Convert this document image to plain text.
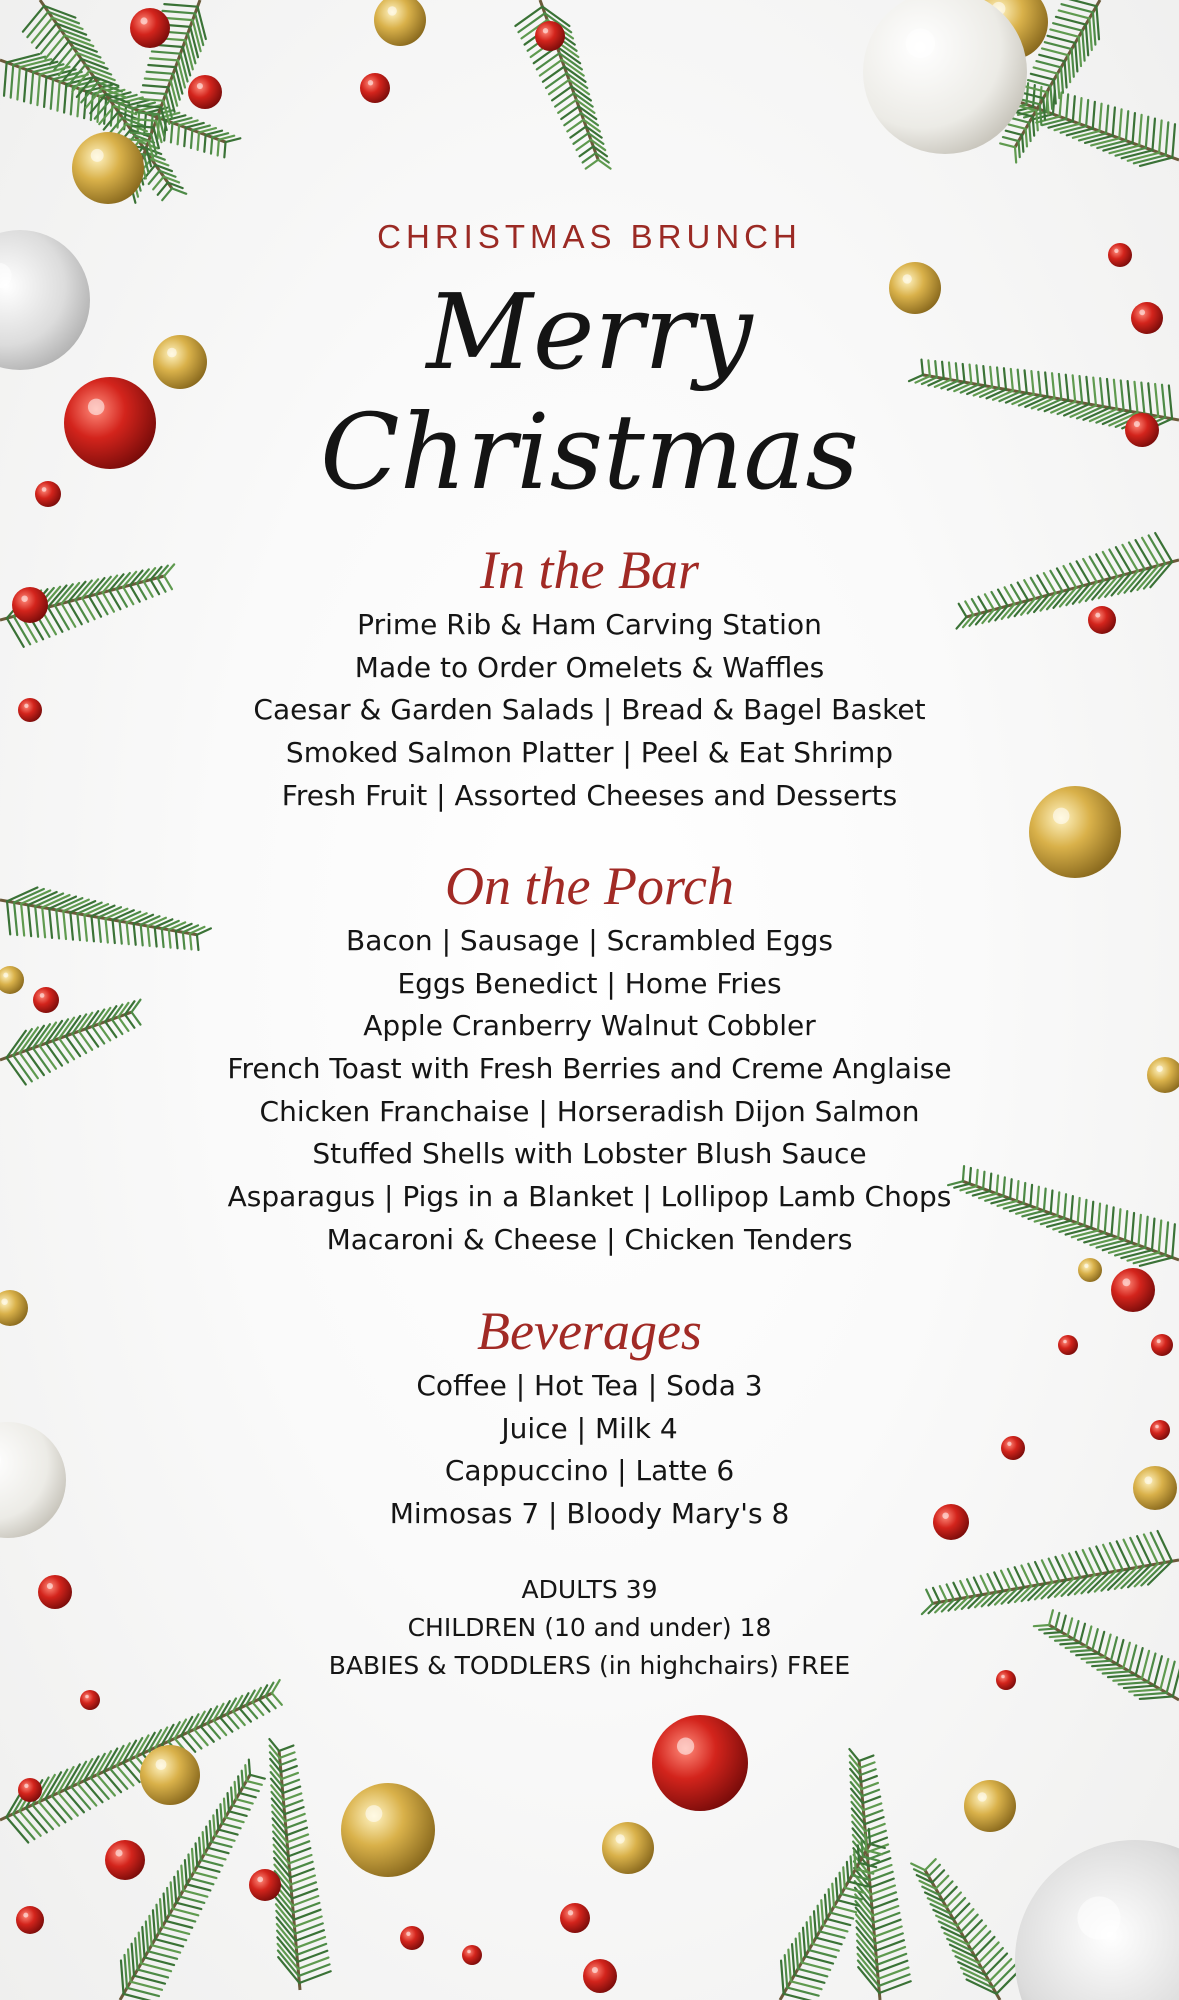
CHRISTMAS BRUNCH
Merry
Christmas
In the Bar
Prime Rib & Ham Carving Station
Made to Order Omelets & Waffles
Caesar & Garden Salads | Bread & Bagel Basket
Smoked Salmon Platter | Peel & Eat Shrimp
Fresh Fruit | Assorted Cheeses and Desserts
On the Porch
Bacon | Sausage | Scrambled Eggs
Eggs Benedict | Home Fries
Apple Cranberry Walnut Cobbler
French Toast with Fresh Berries and Creme Anglaise
Chicken Franchaise | Horseradish Dijon Salmon
Stuffed Shells with Lobster Blush Sauce
Asparagus | Pigs in a Blanket | Lollipop Lamb Chops
Macaroni & Cheese | Chicken Tenders
Beverages
Coffee | Hot Tea | Soda 3
Juice | Milk 4
Cappuccino | Latte 6
Mimosas 7 | Bloody Mary's 8
ADULTS 39
CHILDREN (10 and under) 18
BABIES & TODDLERS (in highchairs) FREE
